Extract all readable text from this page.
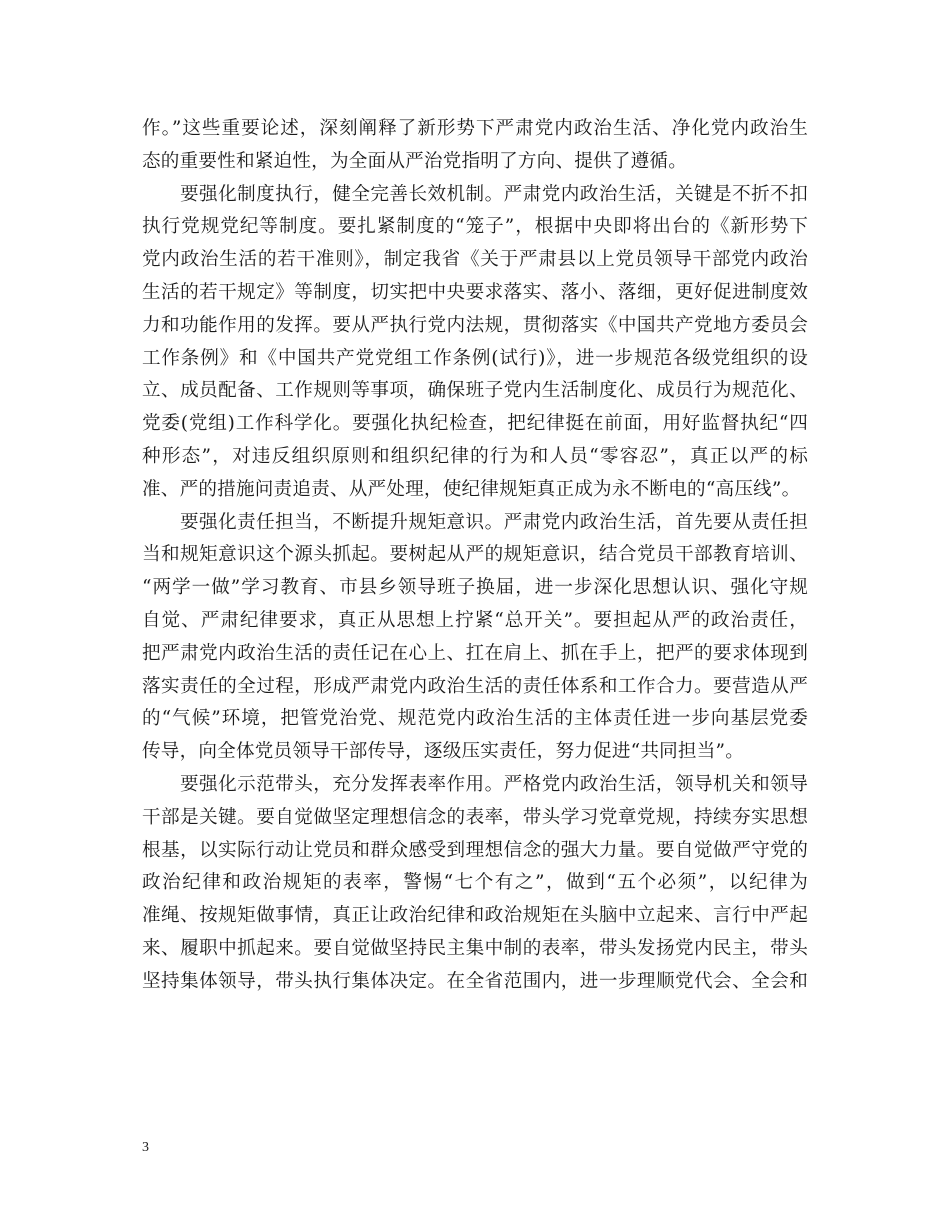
作。”这些重要论述，深刻阐释了新形势下严肃党内政治生活、净化党内政治生
态的重要性和紧迫性，为全面从严治党指明了方向、提供了遵循。
要强化制度执行，健全完善长效机制。严肃党内政治生活，关键是不折不扣
执行党规党纪等制度。要扎紧制度的“笼子”，根据中央即将出台的《新形势下
党内政治生活的若干准则》，制定我省《关于严肃县以上党员领导干部党内政治
生活的若干规定》等制度，切实把中央要求落实、落小、落细，更好促进制度效
力和功能作用的发挥。要从严执行党内法规，贯彻落实《中国共产党地方委员会
工作条例》和《中国共产党党组工作条例(试行)》，进一步规范各级党组织的设
立、成员配备、工作规则等事项，确保班子党内生活制度化、成员行为规范化、
党委(党组)工作科学化。要强化执纪检查，把纪律挺在前面，用好监督执纪“四
种形态”，对违反组织原则和组织纪律的行为和人员“零容忍”，真正以严的标
准、严的措施问责追责、从严处理，使纪律规矩真正成为永不断电的“高压线”。
要强化责任担当，不断提升规矩意识。严肃党内政治生活，首先要从责任担
当和规矩意识这个源头抓起。要树起从严的规矩意识，结合党员干部教育培训、
“两学一做”学习教育、市县乡领导班子换届，进一步深化思想认识、强化守规
自觉、严肃纪律要求，真正从思想上拧紧“总开关”。要担起从严的政治责任，
把严肃党内政治生活的责任记在心上、扛在肩上、抓在手上，把严的要求体现到
落实责任的全过程，形成严肃党内政治生活的责任体系和工作合力。要营造从严
的“气候”环境，把管党治党、规范党内政治生活的主体责任进一步向基层党委
传导，向全体党员领导干部传导，逐级压实责任，努力促进“共同担当”。
要强化示范带头，充分发挥表率作用。严格党内政治生活，领导机关和领导
干部是关键。要自觉做坚定理想信念的表率，带头学习党章党规，持续夯实思想
根基，以实际行动让党员和群众感受到理想信念的强大力量。要自觉做严守党的
政治纪律和政治规矩的表率，警惕“七个有之”，做到“五个必须”，以纪律为
准绳、按规矩做事情，真正让政治纪律和政治规矩在头脑中立起来、言行中严起
来、履职中抓起来。要自觉做坚持民主集中制的表率，带头发扬党内民主，带头
坚持集体领导，带头执行集体决定。在全省范围内，进一步理顺党代会、全会和
3
